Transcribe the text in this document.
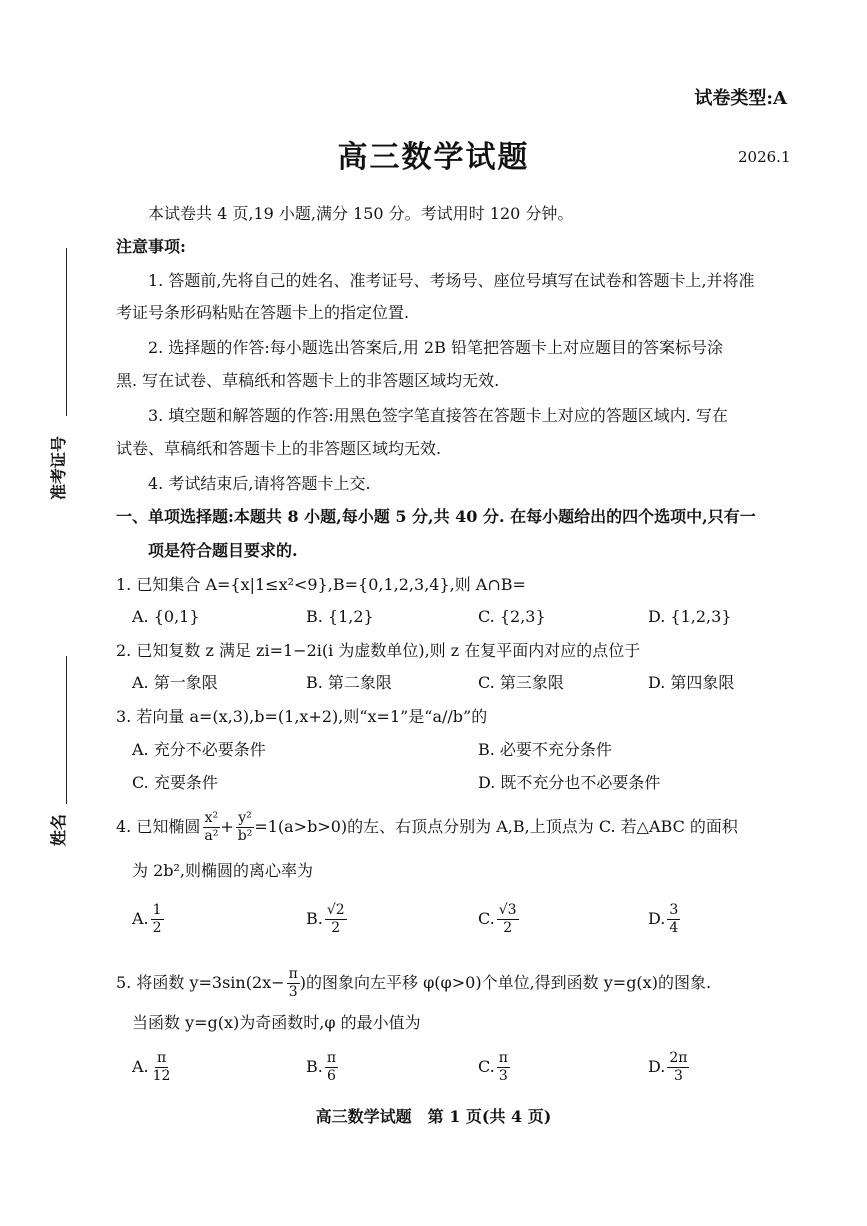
试卷类型:A
高三数学试题	2026.1
准考证号
姓名
本试卷共 4 页,19 小题,满分 150 分。考试用时 120 分钟。
注意事项:
1. 答题前,先将自己的姓名、准考证号、考场号、座位号填写在试卷和答题卡上,并将准
考证号条形码粘贴在答题卡上的指定位置.
2. 选择题的作答:每小题选出答案后,用 2B 铅笔把答题卡上对应题目的答案标号涂
黑. 写在试卷、草稿纸和答题卡上的非答题区域均无效.
3. 填空题和解答题的作答:用黑色签字笔直接答在答题卡上对应的答题区域内. 写在
试卷、草稿纸和答题卡上的非答题区域均无效.
4. 考试结束后,请将答题卡上交.
一、单项选择题:本题共 8 小题,每小题 5 分,共 40 分. 在每小题给出的四个选项中,只有一
项是符合题目要求的.
1. 已知集合 A={x|1≤x²<9},B={0,1,2,3,4},则 A∩B=
A. {0,1}	B. {1,2}	C. {2,3}	D. {1,2,3}
2. 已知复数 z 满足 zi=1−2i(i 为虚数单位),则 z 在复平面内对应的点位于
A. 第一象限	B. 第二象限	C. 第三象限	D. 第四象限
3. 若向量 a=(x,3),b=(1,x+2),则“x=1”是“a//b”的
A. 充分不必要条件	B. 必要不充分条件
C. 充要条件	D. 既不充分也不必要条件
4. 已知椭圆 $\frac{\text{x²}}{\text{a²}} + \frac{\text{y²}}{\text{b²}} =1(a>b>0)$的左、右顶点分别为 A,B,上顶点为 C. 若△ABC 的面积
为 2b²,则椭圆的离心率为
A. $\frac{1}{2}$	B. $\frac{√2}{2}$	C. $\frac{√3}{2}$	D. $\frac{3}{4}$
5. 将函数 $y=3\sin(2x- \frac{\pi}{3}$ )的图象向左平移 φ(φ>0)个单位,得到函数 y=g(x)的图象.
当函数 y=g(x)为奇函数时,φ 的最小值为
A. $\frac{\pi}{12}$	B. $\frac{\pi}{6}$	C. $\frac{\pi}{3}$	D. $\frac{2\pi}{3}$
高三数学试题　第 1 页(共 4 页)
